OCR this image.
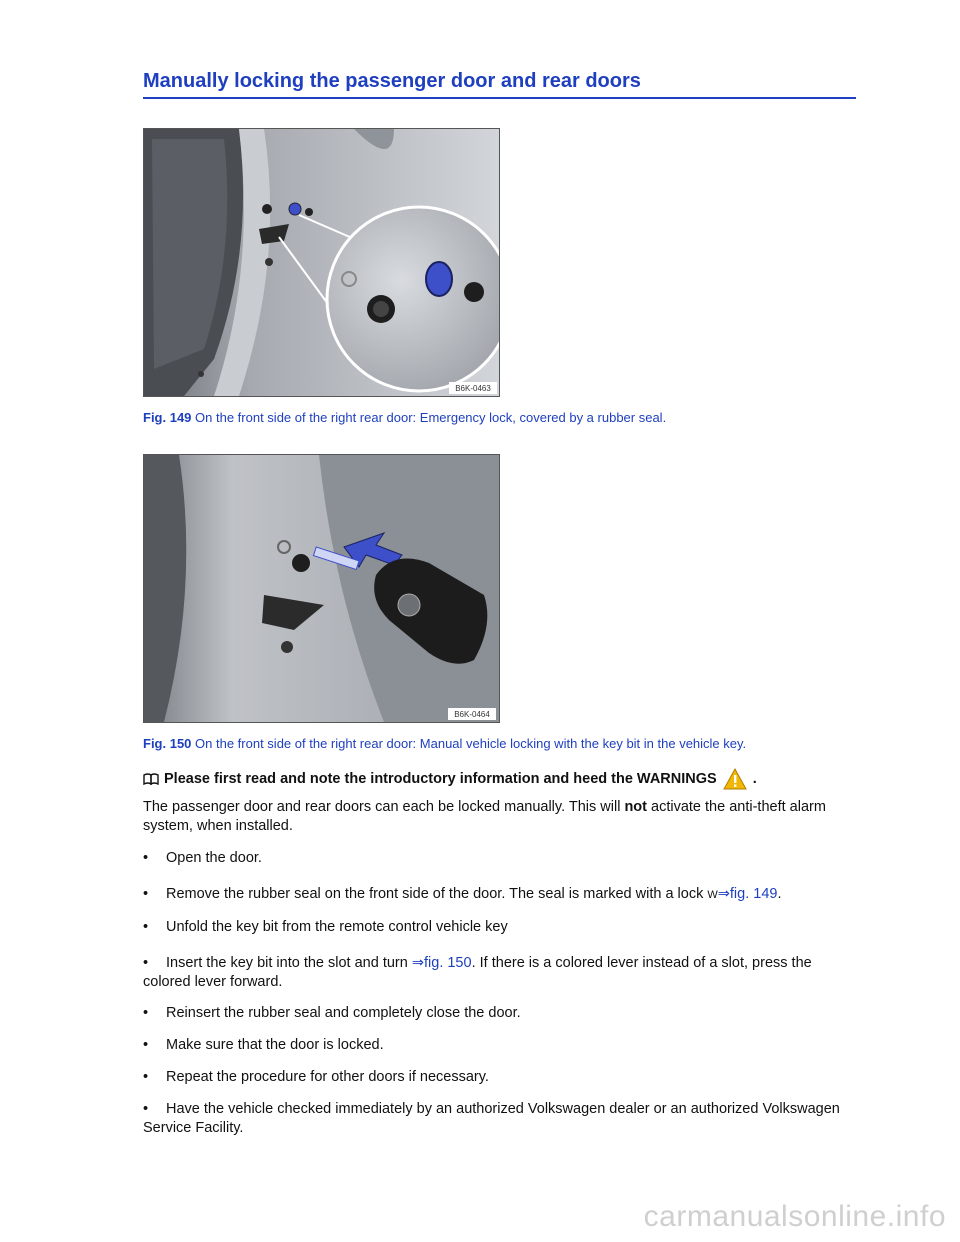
Manually locking the passenger door and rear doors
B6K-0463
Fig. 149 On the front side of the right rear door: Emergency lock, covered by a rubber seal.
B6K-0464
Fig. 150 On the front side of the right rear door: Manual vehicle locking with the key bit in the vehicle key.
Please first read and note the introductory information and heed the WARNINGS .
The passenger door and rear doors can each be locked manually. This will not activate the anti-theft alarm system, when installed.
• Open the door.
• Remove the rubber seal on the front side of the door. The seal is marked with a lock W⇒fig. 149.
• Unfold the key bit from the remote control vehicle key
• Insert the key bit into the slot and turn ⇒fig. 150. If there is a colored lever instead of a slot, press the colored lever forward.
• Reinsert the rubber seal and completely close the door.
• Make sure that the door is locked.
• Repeat the procedure for other doors if necessary.
• Have the vehicle checked immediately by an authorized Volkswagen dealer or an authorized Volkswagen Service Facility.
carmanualsonline.info
